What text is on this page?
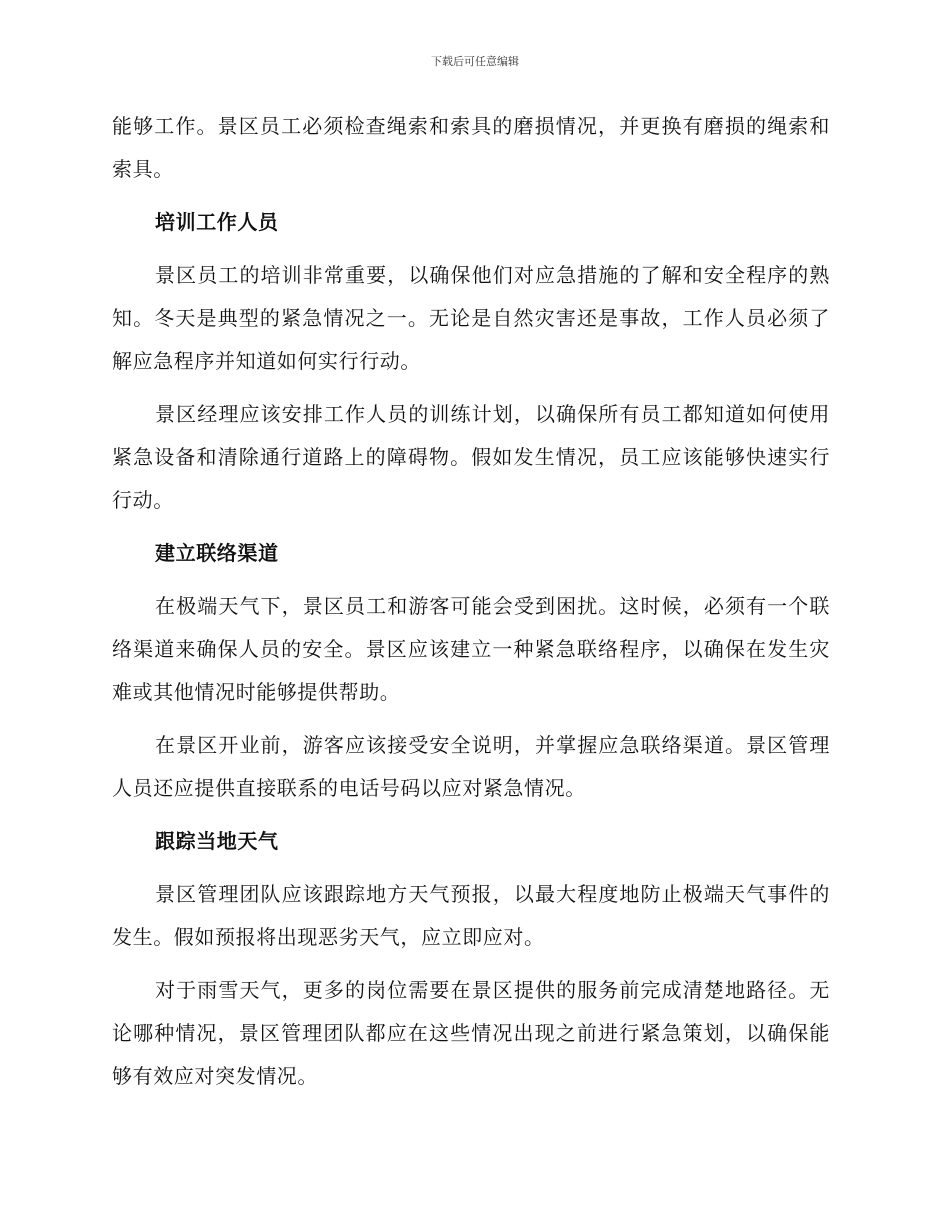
下载后可任意编辑

能够工作。景区员工必须检查绳索和索具的磨损情况，并更换有磨损的绳索和索具。

培训工作人员

景区员工的培训非常重要，以确保他们对应急措施的了解和安全程序的熟知。冬天是典型的紧急情况之一。无论是自然灾害还是事故，工作人员必须了解应急程序并知道如何实行行动。

景区经理应该安排工作人员的训练计划，以确保所有员工都知道如何使用紧急设备和清除通行道路上的障碍物。假如发生情况，员工应该能够快速实行行动。

建立联络渠道

在极端天气下，景区员工和游客可能会受到困扰。这时候，必须有一个联络渠道来确保人员的安全。景区应该建立一种紧急联络程序，以确保在发生灾难或其他情况时能够提供帮助。

在景区开业前，游客应该接受安全说明，并掌握应急联络渠道。景区管理人员还应提供直接联系的电话号码以应对紧急情况。

跟踪当地天气

景区管理团队应该跟踪地方天气预报，以最大程度地防止极端天气事件的发生。假如预报将出现恶劣天气，应立即应对。

对于雨雪天气，更多的岗位需要在景区提供的服务前完成清楚地路径。无论哪种情况，景区管理团队都应在这些情况出现之前进行紧急策划，以确保能够有效应对突发情况。
